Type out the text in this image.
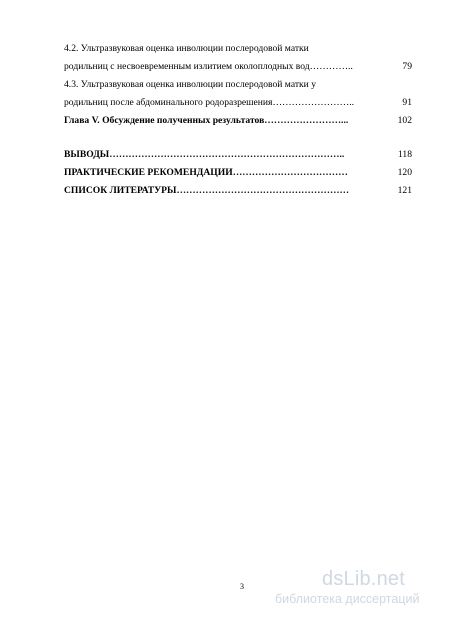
4.2. Ультразвуковая оценка инволюции послеродовой матки
родильниц с несвоевременным излитием околоплодных вод…………..	79
4.3. Ультразвуковая оценка инволюции послеродовой матки у
родильниц после абдоминального родоразрешения……………………..	91
Глава V. Обсуждение полученных результатов……………………...	102
ВЫВОДЫ………………………………………………………………..	118
ПРАКТИЧЕСКИЕ РЕКОМЕНДАЦИИ………………………………	120
СПИСОК ЛИТЕРАТУРЫ………………………………………………	121
3	dsLib.net
библиотека диссертаций
